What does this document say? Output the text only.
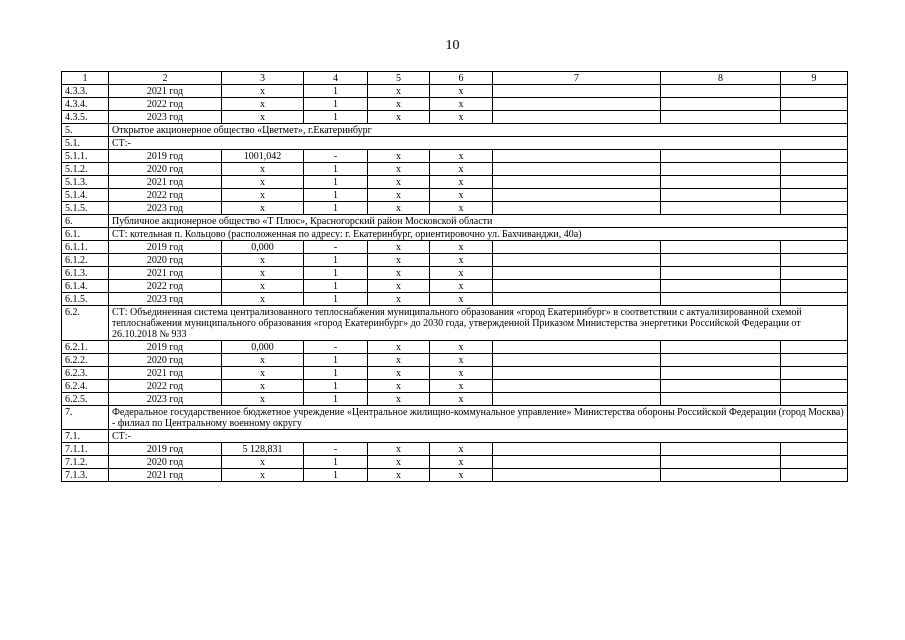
10
1	2	3	4	5	6	7	8	9
4.3.3.	2021 год	х	1	х	х			
4.3.4.	2022 год	х	1	х	х			
4.3.5.	2023 год	х	1	х	х			
5.	Открытое акционерное общество «Цветмет», г.Екатеринбург							
5.1.	СТ:-							
5.1.1.	2019 год	1001,042	-	х	х			
5.1.2.	2020 год	х	1	х	х			
5.1.3.	2021 год	х	1	х	х			
5.1.4.	2022 год	х	1	х	х			
5.1.5.	2023 год	х	1	х	х			
6.	Публичное акционерное общество «Т Плюс», Красногорский район Московской области							
6.1.	СТ: котельная п. Кольцово (расположенная по адресу: г. Екатеринбург, ориентировочно ул. Бахчиванджи, 40а)							
6.1.1.	2019 год	0,000	-	х	х			
6.1.2.	2020 год	х	1	х	х			
6.1.3.	2021 год	х	1	х	х			
6.1.4.	2022 год	х	1	х	х			
6.1.5.	2023 год	х	1	х	х			
6.2.	СТ: Объединенная система централизованного теплоснабжения муниципального образования «город Екатеринбург» в соответствии с актуализированной схемой теплоснабжения муниципального образования «город Екатеринбург» до 2030 года, утвержденной Приказом Министерства энергетики Российской Федерации от 26.10.2018 № 933							
6.2.1.	2019 год	0,000	-	х	х			
6.2.2.	2020 год	х	1	х	х			
6.2.3.	2021 год	х	1	х	х			
6.2.4.	2022 год	х	1	х	х			
6.2.5.	2023 год	х	1	х	х			
7.	Федеральное государственное бюджетное учреждение «Центральное жилищно-коммунальное управление» Министерства обороны Российской Федерации (город Москва) - филиал по Центральному военному округу							
7.1.	СТ:-							
7.1.1.	2019 год	5 128,831	-	х	х			
7.1.2.	2020 год	х	1	х	х			
7.1.3.	2021 год	х	1	х	х			
